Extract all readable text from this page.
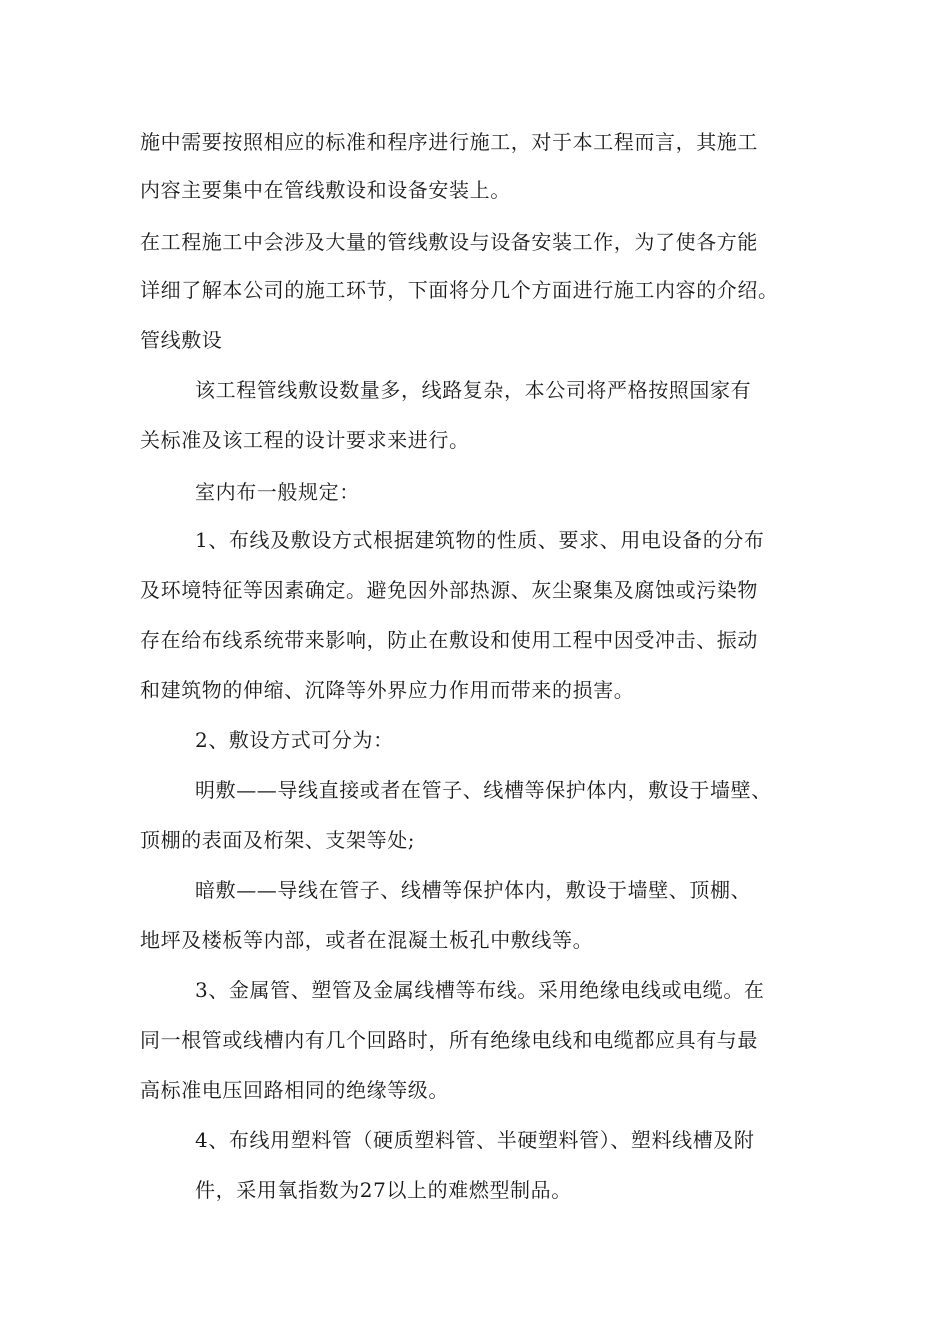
施中需要按照相应的标准和程序进行施工，对于本工程而言，其施工

内容主要集中在管线敷设和设备安装上。

在工程施工中会涉及大量的管线敷设与设备安装工作，为了使各方能

详细了解本公司的施工环节，下面将分几个方面进行施工内容的介绍。

管线敷设

该工程管线敷设数量多，线路复杂，本公司将严格按照国家有

关标准及该工程的设计要求来进行。

室内布一般规定：

1、布线及敷设方式根据建筑物的性质、要求、用电设备的分布

及环境特征等因素确定。避免因外部热源、灰尘聚集及腐蚀或污染物

存在给布线系统带来影响，防止在敷设和使用工程中因受冲击、振动

和建筑物的伸缩、沉降等外界应力作用而带来的损害。

2、敷设方式可分为：

明敷——导线直接或者在管子、线槽等保护体内，敷设于墙壁、

顶棚的表面及桁架、支架等处;

暗敷——导线在管子、线槽等保护体内，敷设于墙壁、顶棚、

地坪及楼板等内部，或者在混凝土板孔中敷线等。

3、金属管、塑管及金属线槽等布线。采用绝缘电线或电缆。在

同一根管或线槽内有几个回路时，所有绝缘电线和电缆都应具有与最

高标准电压回路相同的绝缘等级。

4、布线用塑料管（硬质塑料管、半硬塑料管）、塑料线槽及附

件，采用氧指数为27以上的难燃型制品。
